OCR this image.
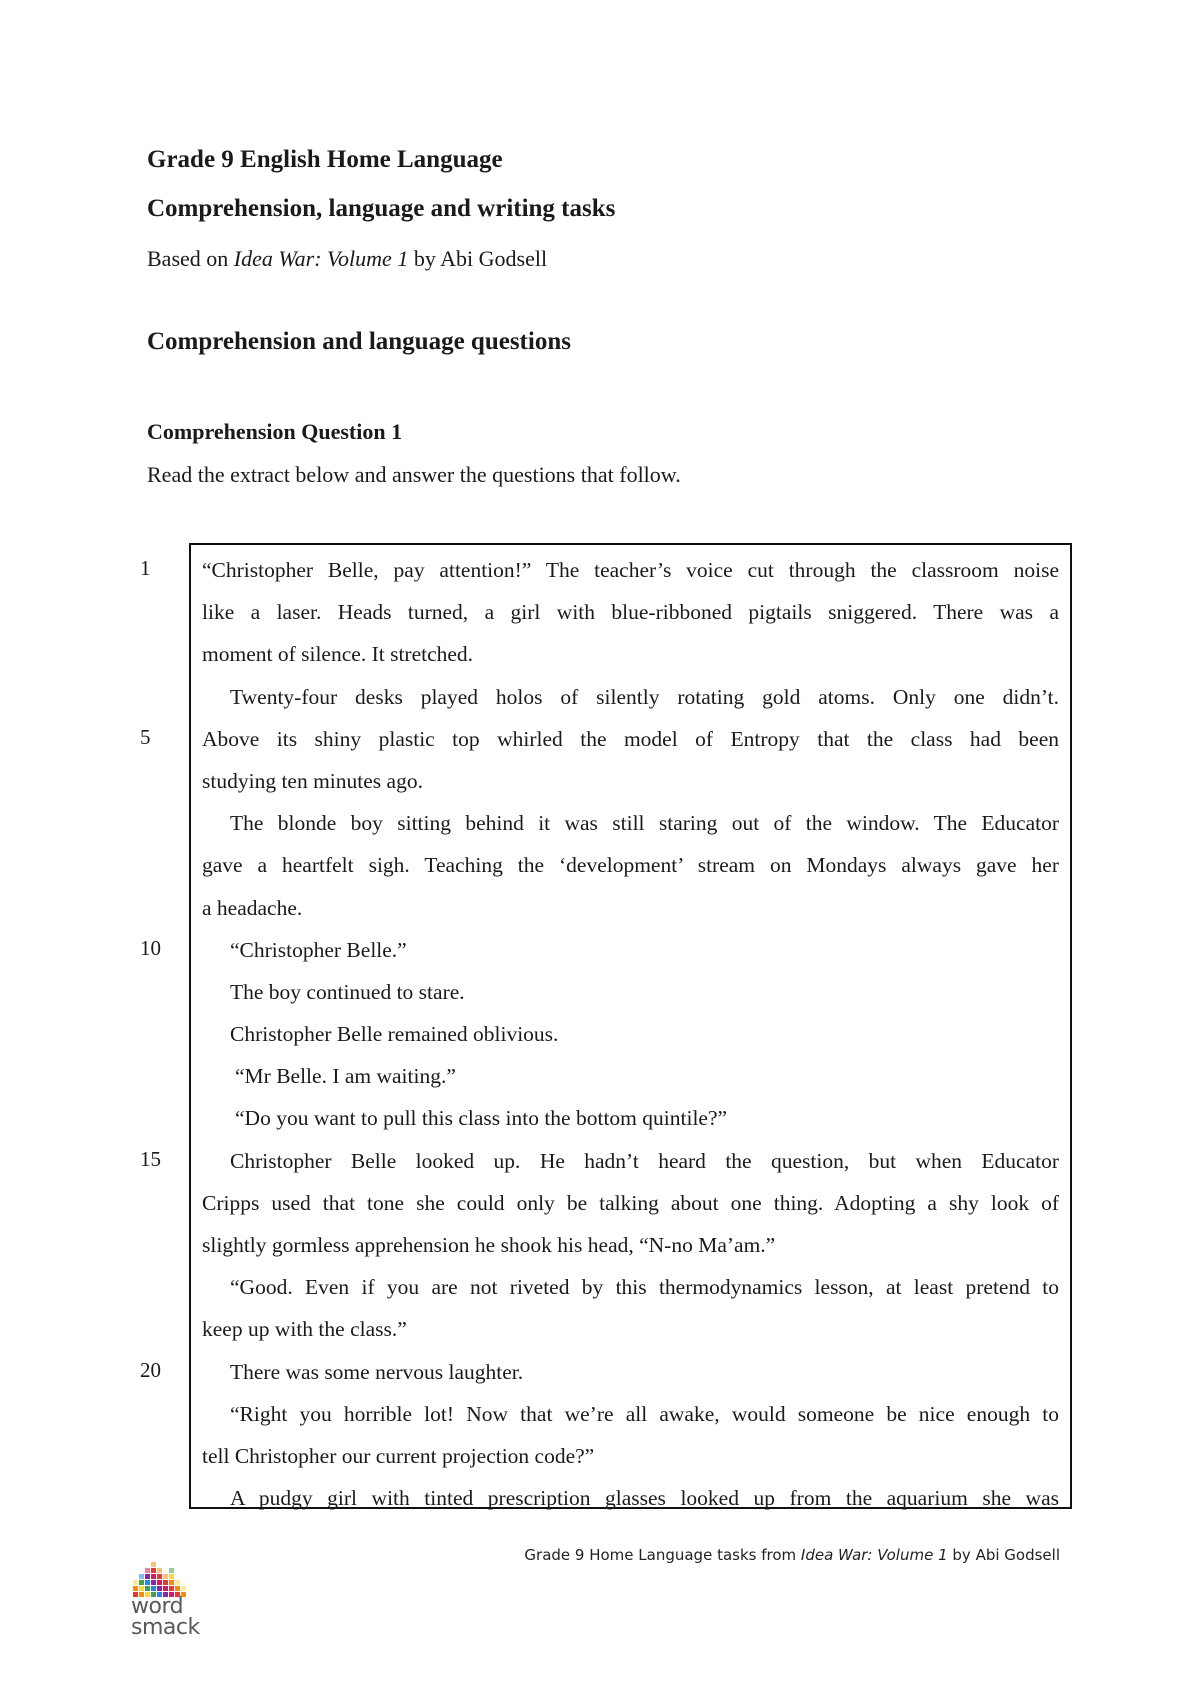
Grade 9 English Home Language
Comprehension, language and writing tasks
Based on Idea War: Volume 1 by Abi Godsell
Comprehension and language questions
Comprehension Question 1
Read the extract below and answer the questions that follow.
1
5
10
15
20
“Christopher Belle, pay attention!” The teacher’s voice cut through the classroom noise
like a laser. Heads turned, a girl with blue-ribboned pigtails sniggered. There was a
moment of silence. It stretched.
Twenty-four desks played holos of silently rotating gold atoms. Only one didn’t.
Above its shiny plastic top whirled the model of Entropy that the class had been
studying ten minutes ago.
The blonde boy sitting behind it was still staring out of the window. The Educator
gave a heartfelt sigh. Teaching the ‘development’ stream on Mondays always gave her
a headache.
“Christopher Belle.”
The boy continued to stare.
Christopher Belle remained oblivious.
“Mr Belle. I am waiting.”
“Do you want to pull this class into the bottom quintile?”
Christopher Belle looked up. He hadn’t heard the question, but when Educator
Cripps used that tone she could only be talking about one thing. Adopting a shy look of
slightly gormless apprehension he shook his head, “N-no Ma’am.”
“Good. Even if you are not riveted by this thermodynamics lesson, at least pretend to
keep up with the class.”
There was some nervous laughter.
“Right you horrible lot! Now that we’re all awake, would someone be nice enough to
tell Christopher our current projection code?”
A pudgy girl with tinted prescription glasses looked up from the aquarium she was
word
smack
Grade 9 Home Language tasks from Idea War: Volume 1 by Abi Godsell
